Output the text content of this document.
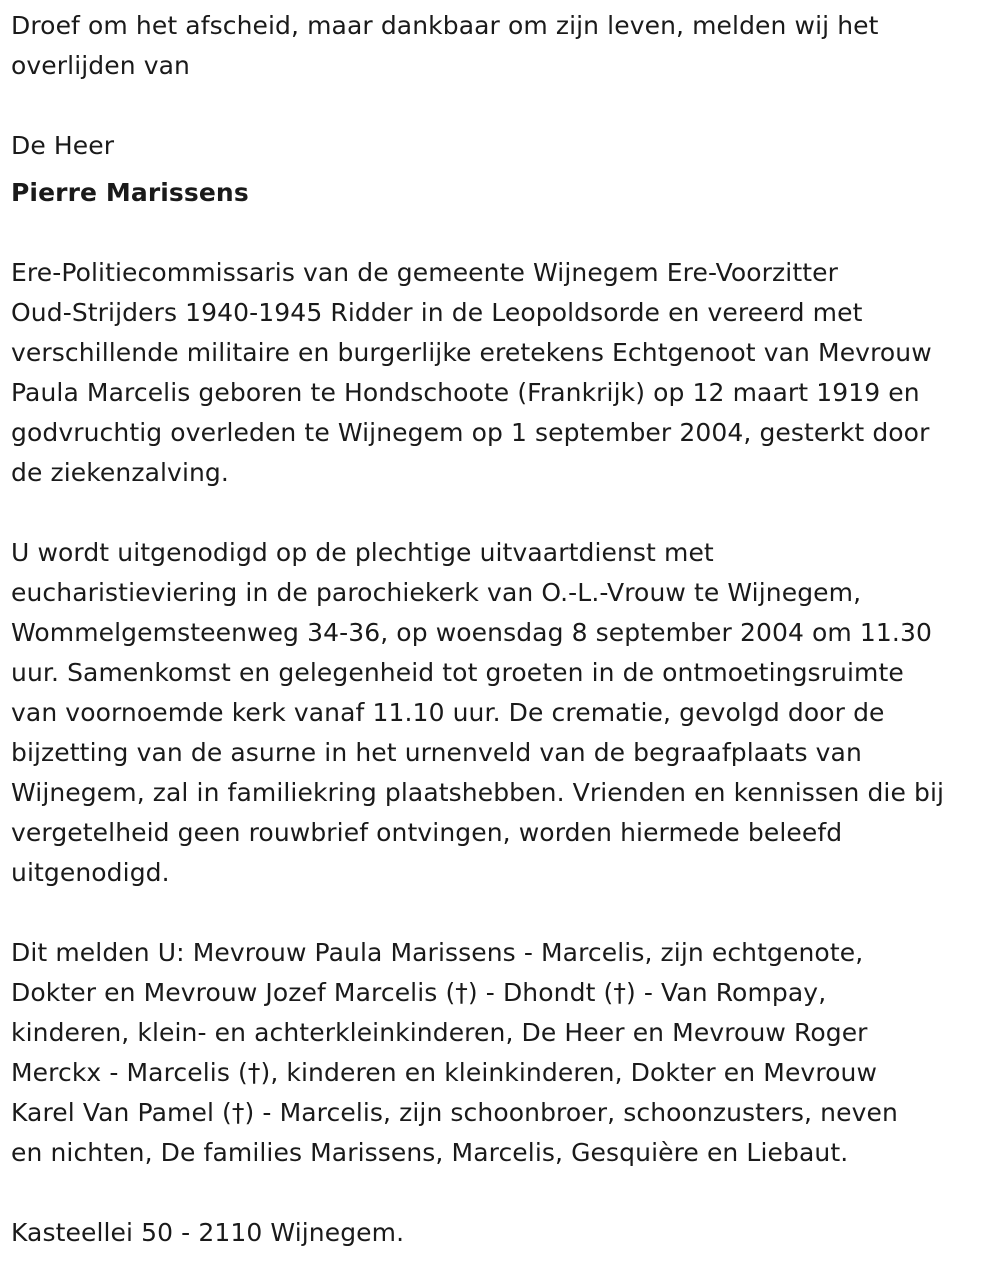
Droef om het afscheid, maar dankbaar om zijn leven, melden wij het
overlijden van
De Heer
Pierre Marissens
Ere-Politiecommissaris van de gemeente Wijnegem Ere-Voorzitter
Oud-Strijders 1940-1945 Ridder in de Leopoldsorde en vereerd met
verschillende militaire en burgerlijke eretekens Echtgenoot van Mevrouw
Paula Marcelis geboren te Hondschoote (Frankrijk) op 12 maart 1919 en
godvruchtig overleden te Wijnegem op 1 september 2004, gesterkt door
de ziekenzalving.
U wordt uitgenodigd op de plechtige uitvaartdienst met
eucharistieviering in de parochiekerk van O.-L.-Vrouw te Wijnegem,
Wommelgemsteenweg 34-36, op woensdag 8 september 2004 om 11.30
uur. Samenkomst en gelegenheid tot groeten in de ontmoetingsruimte
van voornoemde kerk vanaf 11.10 uur. De crematie, gevolgd door de
bijzetting van de asurne in het urnenveld van de begraafplaats van
Wijnegem, zal in familiekring plaatshebben. Vrienden en kennissen die bij
vergetelheid geen rouwbrief ontvingen, worden hiermede beleefd
uitgenodigd.
Dit melden U: Mevrouw Paula Marissens - Marcelis, zijn echtgenote,
Dokter en Mevrouw Jozef Marcelis (†) - Dhondt (†) - Van Rompay,
kinderen, klein- en achterkleinkinderen, De Heer en Mevrouw Roger
Merckx - Marcelis (†), kinderen en kleinkinderen, Dokter en Mevrouw
Karel Van Pamel (†) - Marcelis, zijn schoonbroer, schoonzusters, neven
en nichten, De families Marissens, Marcelis, Gesquière en Liebaut.
Kasteellei 50 - 2110 Wijnegem.
